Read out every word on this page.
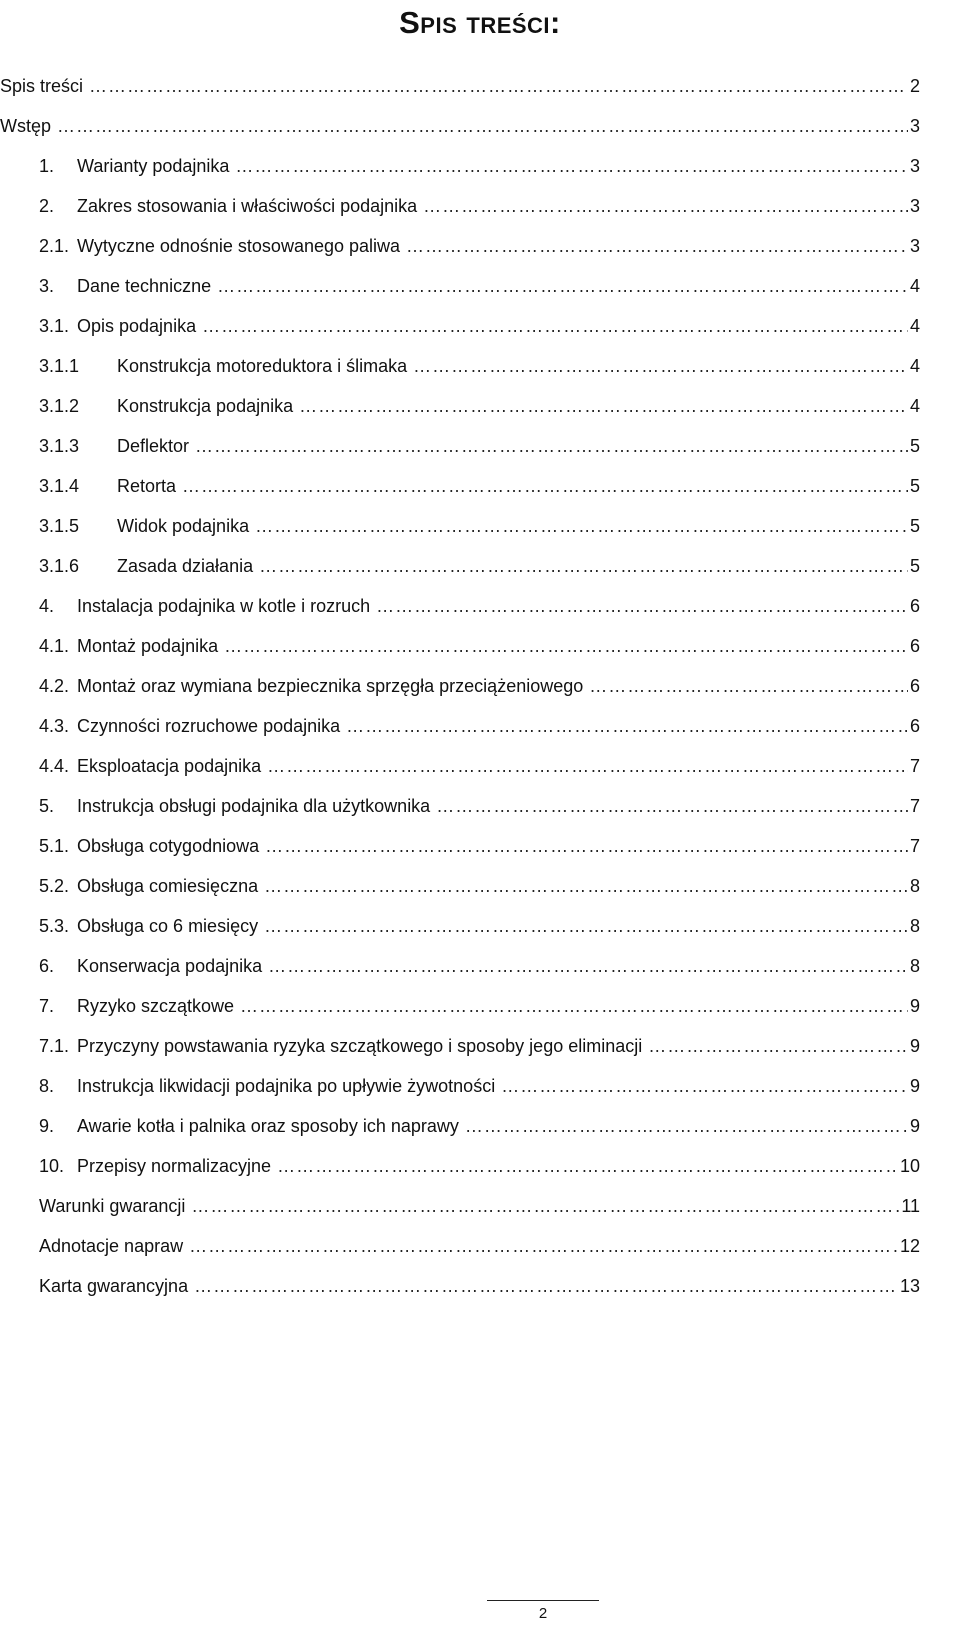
Spis treści:
Spis treści …………………………………………………………………………………………………………………………………………………………………………………………………………	2
Wstęp …………………………………………………………………………………………………………………………………………………………………………………………………………	3
1.	Warianty podajnika …………………………………………………………………………………………………………………………………………………………………………………………………………	3
2.	Zakres stosowania i właściwości podajnika …………………………………………………………………………………………………………………………………………………………………………………………………………	3
2.1. Wytyczne odnośnie stosowanego paliwa …………………………………………………………………………………………………………………………………………………………………………………………………………	3
3.	Dane techniczne …………………………………………………………………………………………………………………………………………………………………………………………………………	4
3.1. Opis podajnika …………………………………………………………………………………………………………………………………………………………………………………………………………	4
3.1.1	Konstrukcja motoreduktora i ślimaka …………………………………………………………………………………………………………………………………………………………………………………………………………	4
3.1.2	Konstrukcja podajnika …………………………………………………………………………………………………………………………………………………………………………………………………………	4
3.1.3	Deflektor …………………………………………………………………………………………………………………………………………………………………………………………………………	5
3.1.4	Retorta …………………………………………………………………………………………………………………………………………………………………………………………………………	5
3.1.5	Widok podajnika …………………………………………………………………………………………………………………………………………………………………………………………………………	5
3.1.6	Zasada działania …………………………………………………………………………………………………………………………………………………………………………………………………………	5
4.	Instalacja podajnika w kotle i rozruch …………………………………………………………………………………………………………………………………………………………………………………………………………	6
4.1. Montaż podajnika …………………………………………………………………………………………………………………………………………………………………………………………………………	6
4.2. Montaż oraz wymiana bezpiecznika sprzęgła przeciążeniowego …………………………………………………………………………………………………………………………………………………………………………………………………………	6
4.3. Czynności rozruchowe podajnika …………………………………………………………………………………………………………………………………………………………………………………………………………	6
4.4. Eksploatacja podajnika …………………………………………………………………………………………………………………………………………………………………………………………………………	7
5.	Instrukcja obsługi podajnika dla użytkownika …………………………………………………………………………………………………………………………………………………………………………………………………………	7
5.1. Obsługa cotygodniowa …………………………………………………………………………………………………………………………………………………………………………………………………………	7
5.2. Obsługa comiesięczna …………………………………………………………………………………………………………………………………………………………………………………………………………	8
5.3. Obsługa co 6 miesięcy …………………………………………………………………………………………………………………………………………………………………………………………………………	8
6.	Konserwacja podajnika …………………………………………………………………………………………………………………………………………………………………………………………………………	8
7.	Ryzyko szczątkowe …………………………………………………………………………………………………………………………………………………………………………………………………………	9
7.1. Przyczyny powstawania ryzyka szczątkowego i sposoby jego eliminacji …………………………………………………………………………………………………………………………………………………………………………………………………………	9
8.	Instrukcja likwidacji podajnika po upływie żywotności …………………………………………………………………………………………………………………………………………………………………………………………………………	9
9.	Awarie kotła i palnika oraz sposoby ich naprawy …………………………………………………………………………………………………………………………………………………………………………………………………………	9
10. Przepisy normalizacyjne …………………………………………………………………………………………………………………………………………………………………………………………………………	10
Warunki gwarancji …………………………………………………………………………………………………………………………………………………………………………………………………………	11
Adnotacje napraw …………………………………………………………………………………………………………………………………………………………………………………………………………	12
Karta gwarancyjna …………………………………………………………………………………………………………………………………………………………………………………………………………	13
2
